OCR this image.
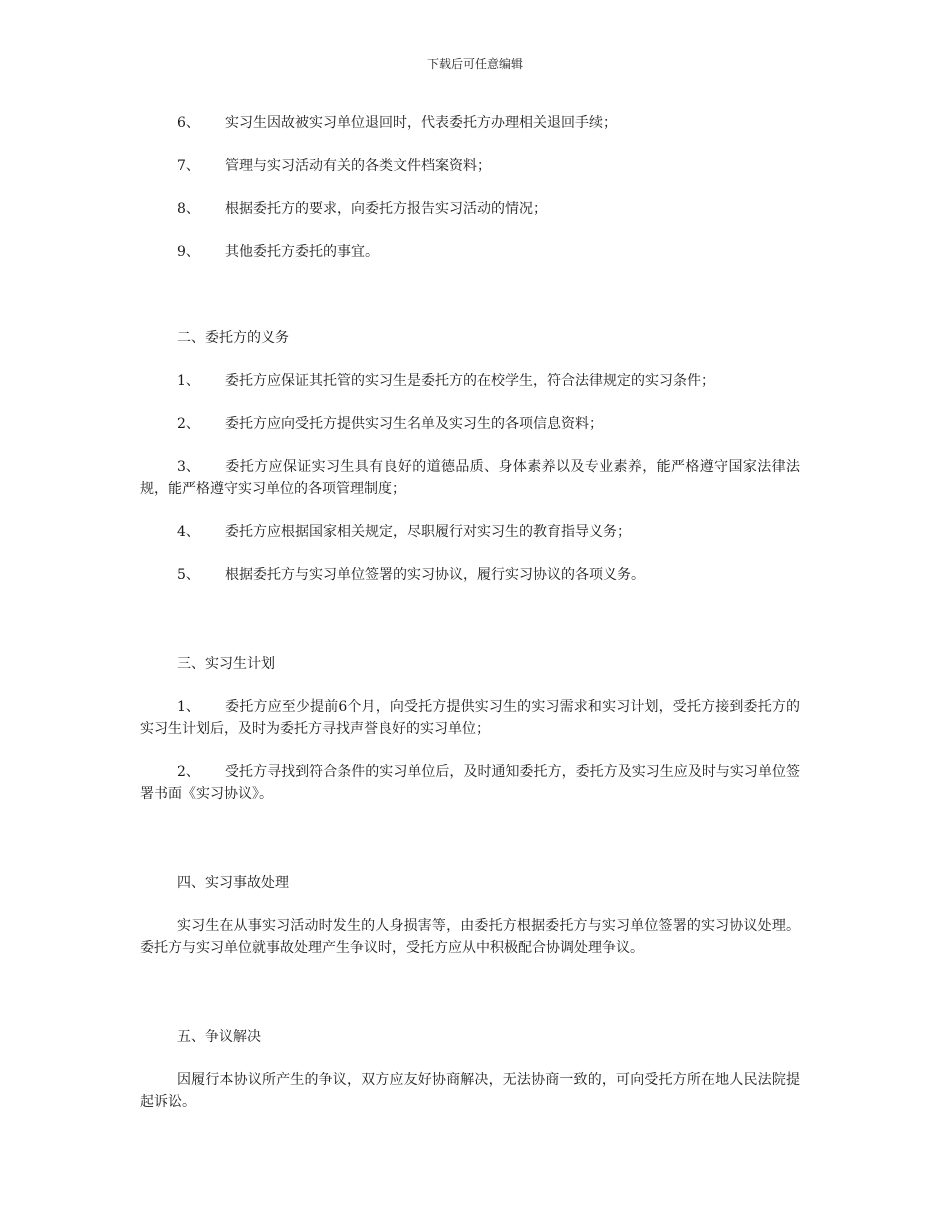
下载后可任意编辑
6、 实习生因故被实习单位退回时，代表委托方办理相关退回手续；
7、 管理与实习活动有关的各类文件档案资料；
8、 根据委托方的要求，向委托方报告实习活动的情况；
9、 其他委托方委托的事宜。
二、委托方的义务
1、 委托方应保证其托管的实习生是委托方的在校学生，符合法律规定的实习条件；
2、 委托方应向受托方提供实习生名单及实习生的各项信息资料；
3、 委托方应保证实习生具有良好的道德品质、身体素养以及专业素养，能严格遵守国家法律法规，能严格遵守实习单位的各项管理制度；
4、 委托方应根据国家相关规定，尽职履行对实习生的教育指导义务；
5、 根据委托方与实习单位签署的实习协议，履行实习协议的各项义务。
三、实习生计划
1、 委托方应至少提前6个月，向受托方提供实习生的实习需求和实习计划，受托方接到委托方的实习生计划后，及时为委托方寻找声誉良好的实习单位；
2、 受托方寻找到符合条件的实习单位后，及时通知委托方，委托方及实习生应及时与实习单位签署书面《实习协议》。
四、实习事故处理
实习生在从事实习活动时发生的人身损害等，由委托方根据委托方与实习单位签署的实习协议处理。委托方与实习单位就事故处理产生争议时，受托方应从中积极配合协调处理争议。
五、争议解决
因履行本协议所产生的争议，双方应友好协商解决，无法协商一致的，可向受托方所在地人民法院提起诉讼。
